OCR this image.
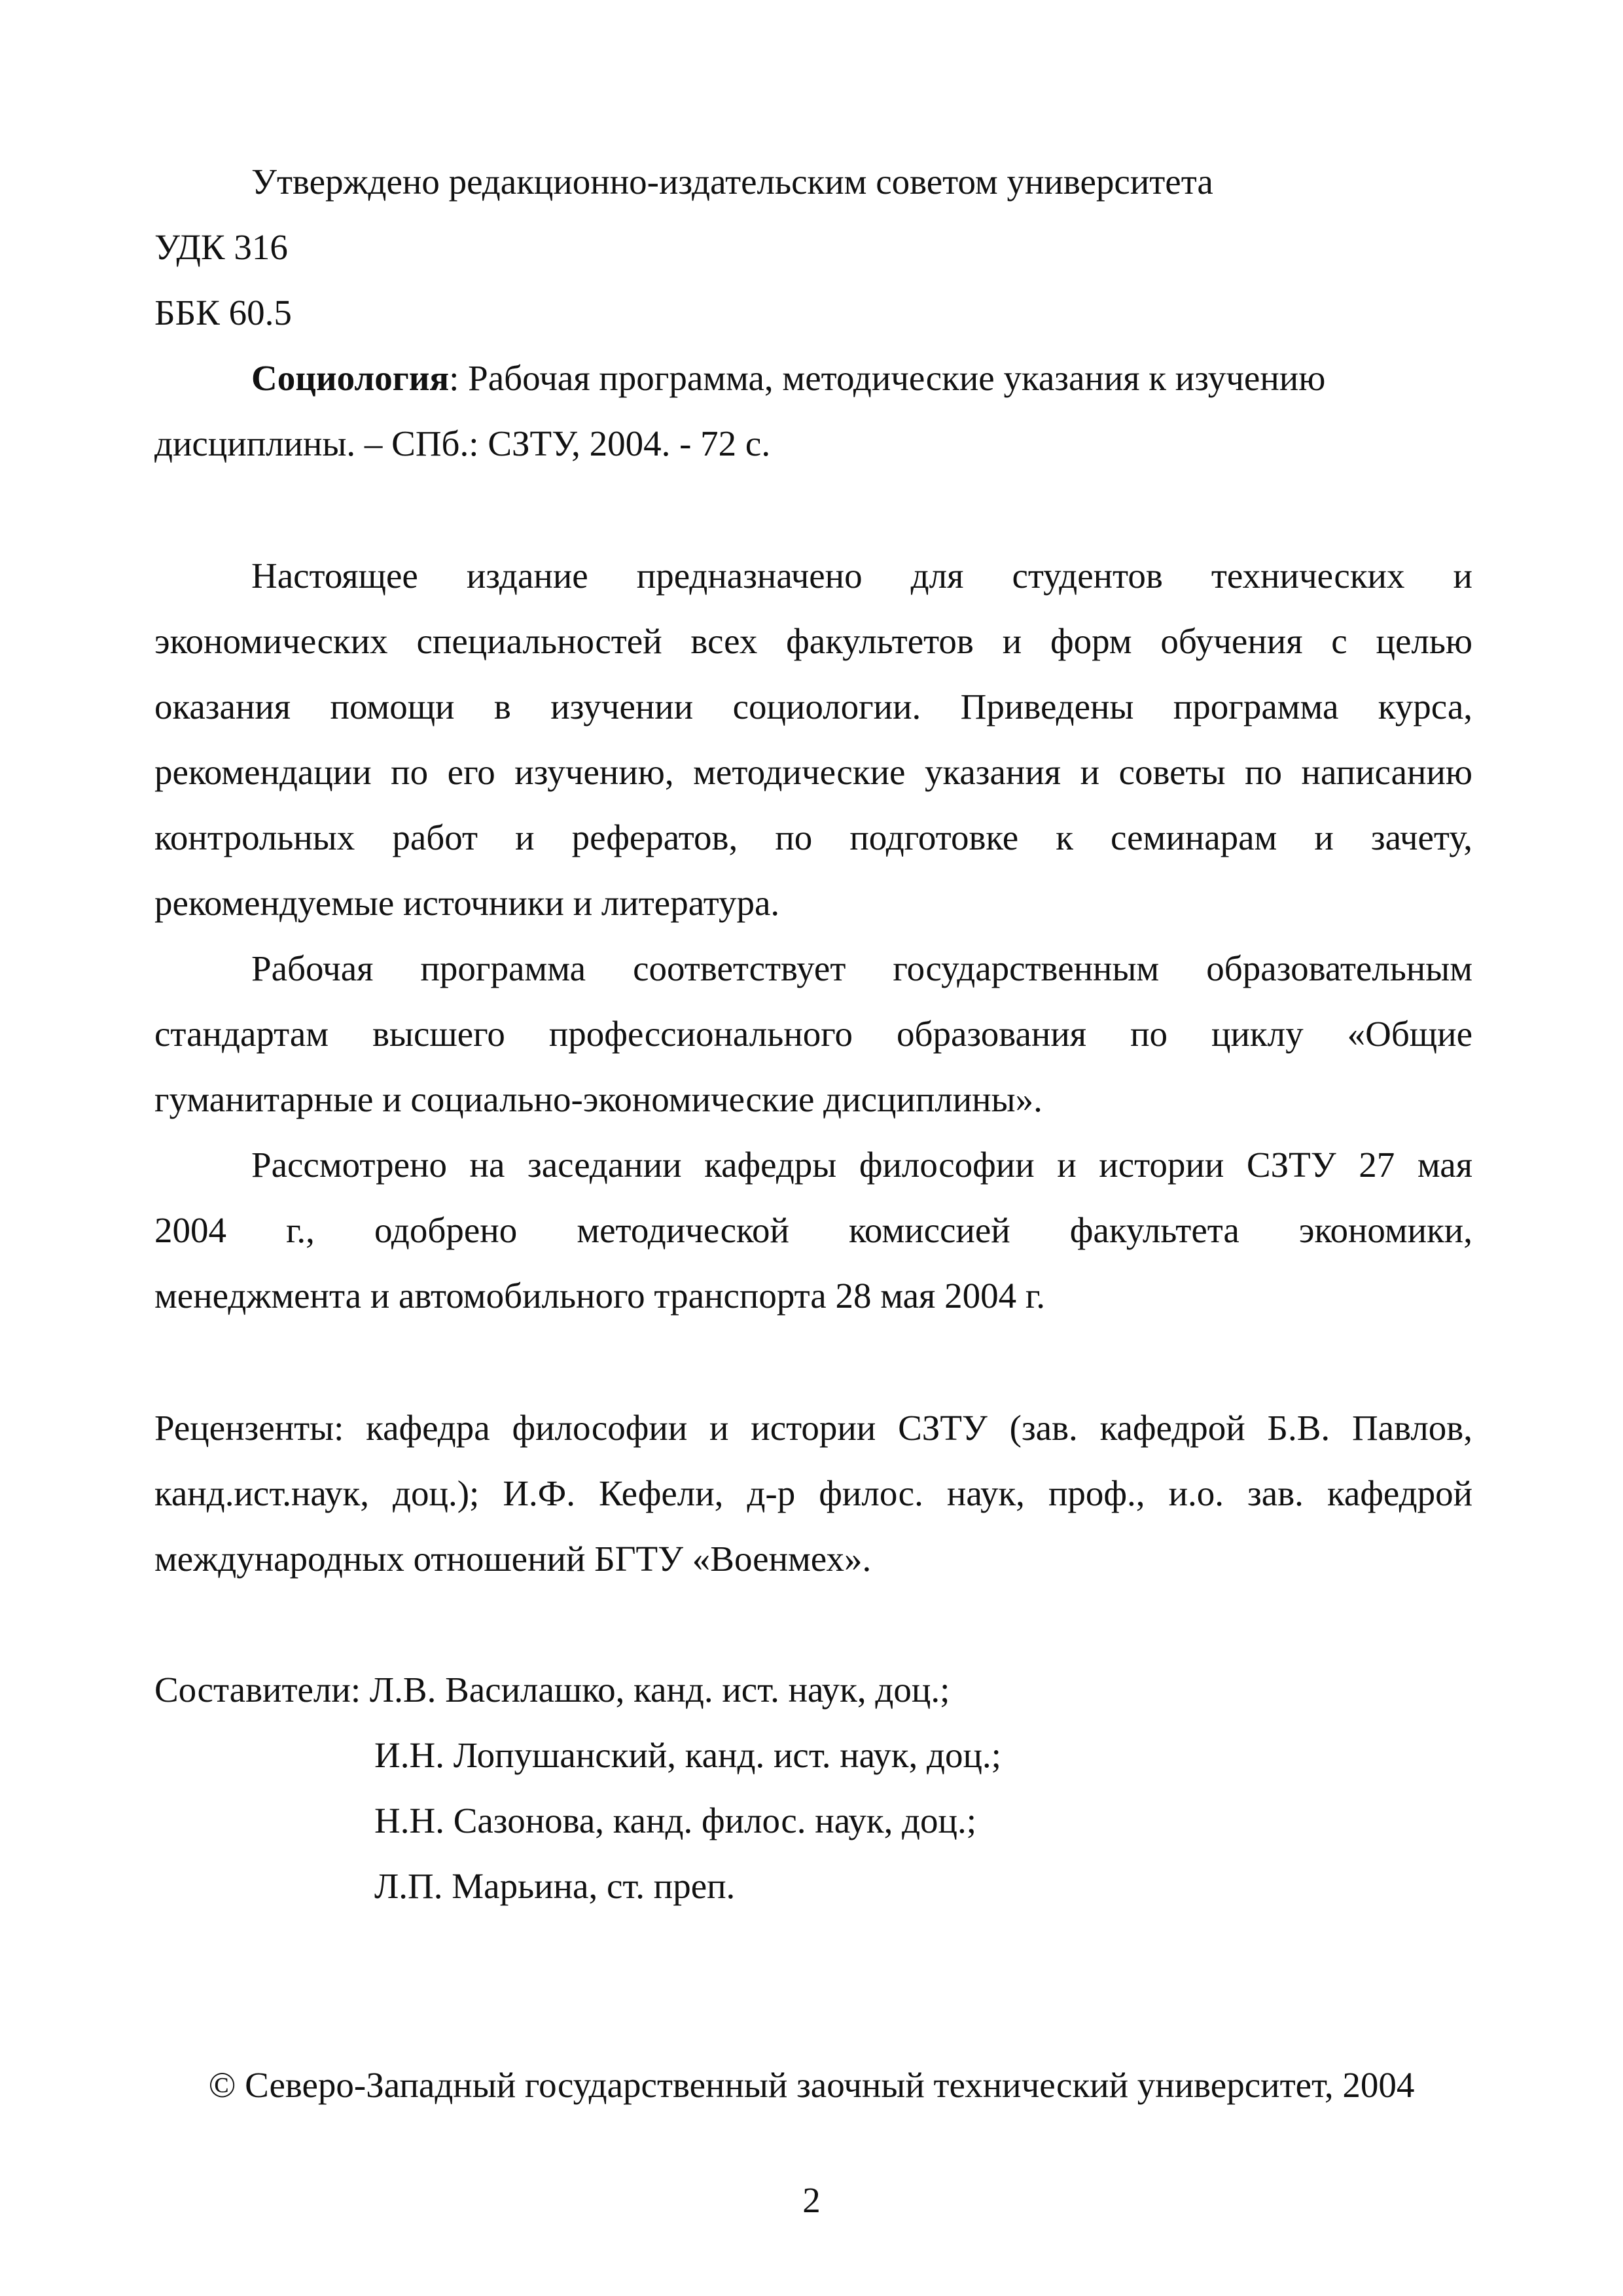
Утверждено редакционно-издательским советом университета
УДК 316
ББК 60.5
Социология: Рабочая программа, методические указания к изучению
дисциплины. – СПб.: СЗТУ, 2004. - 72 с.
Настоящее издание предназначено для студентов технических и
экономических специальностей всех факультетов и форм обучения с целью
оказания помощи в изучении социологии. Приведены программа курса,
рекомендации по его изучению, методические указания и советы по написанию
контрольных работ и рефератов, по подготовке к семинарам и зачету,
рекомендуемые источники и литература.
Рабочая программа соответствует государственным образовательным
стандартам высшего профессионального образования по циклу «Общие
гуманитарные и социально-экономические дисциплины».
Рассмотрено на заседании кафедры философии и истории СЗТУ 27 мая
2004 г., одобрено методической комиссией факультета экономики,
менеджмента и автомобильного транспорта 28 мая 2004 г.
Рецензенты: кафедра философии и истории СЗТУ (зав. кафедрой Б.В. Павлов,
канд.ист.наук, доц.); И.Ф. Кефели, д-р филос. наук, проф., и.о. зав. кафедрой
международных отношений БГТУ «Военмех».
Составители: Л.В. Василашко, канд. ист. наук, доц.;
И.Н. Лопушанский, канд. ист. наук, доц.;
Н.Н. Сазонова, канд. филос. наук, доц.;
Л.П. Марьина, ст. преп.
© Северо-Западный государственный заочный технический университет, 2004
2
